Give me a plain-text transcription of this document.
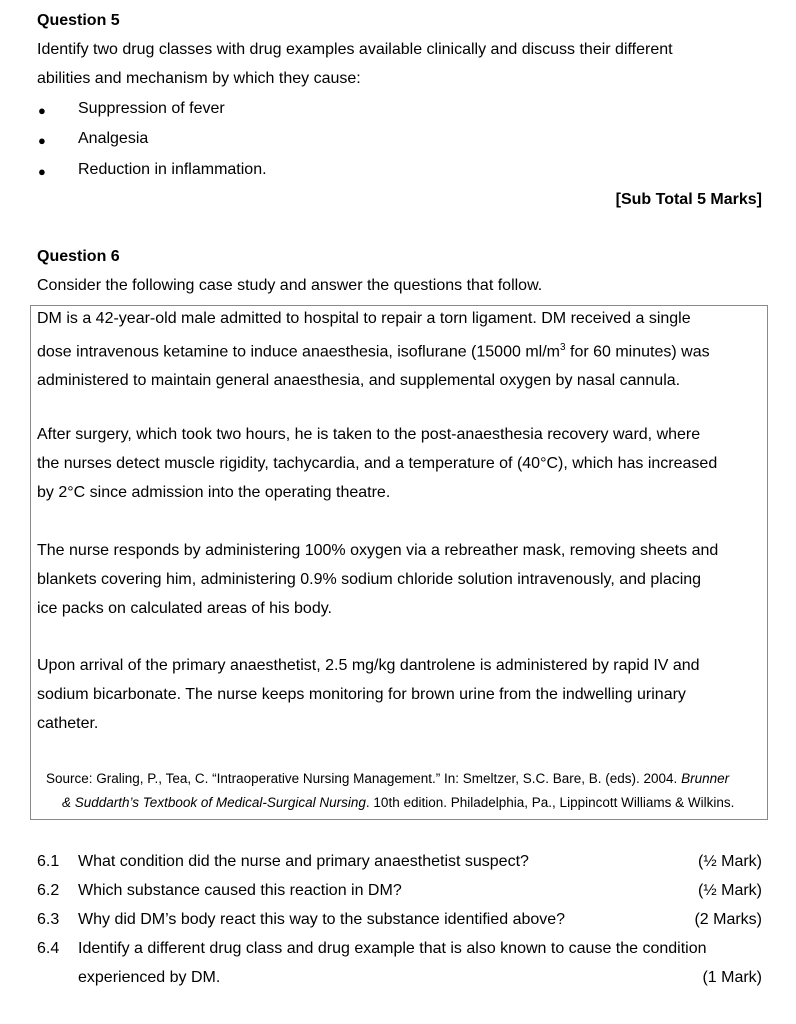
Question 5
Identify two drug classes with drug examples available clinically and discuss their different
abilities and mechanism by which they cause:
● Suppression of fever
● Analgesia
● Reduction in inflammation.
[Sub Total 5 Marks]
Question 6
Consider the following case study and answer the questions that follow.
DM is a 42-year-old male admitted to hospital to repair a torn ligament. DM received a single
dose intravenous ketamine to induce anaesthesia, isoflurane (15000 $ml/m^3$ for 60 minutes) was
administered to maintain general anaesthesia, and supplemental oxygen by nasal cannula.
After surgery, which took two hours, he is taken to the post-anaesthesia recovery ward, where
the nurses detect muscle rigidity, tachycardia, and a temperature of (40°C), which has increased
by 2°C since admission into the operating theatre.
The nurse responds by administering 100% oxygen via a rebreather mask, removing sheets and
blankets covering him, administering 0.9% sodium chloride solution intravenously, and placing
ice packs on calculated areas of his body.
Upon arrival of the primary anaesthetist, 2.5 mg/kg dantrolene is administered by rapid IV and
sodium bicarbonate. The nurse keeps monitoring for brown urine from the indwelling urinary
catheter.
Source: Graling, P., Tea, C. “Intraoperative Nursing Management.” In: Smeltzer, S.C. Bare, B. (eds). 2004. Brunner
& Suddarth’s Textbook of Medical-Surgical Nursing. 10th edition. Philadelphia, Pa., Lippincott Williams & Wilkins.
6.1 What condition did the nurse and primary anaesthetist suspect?	(½ Mark)
6.2 Which substance caused this reaction in DM?	(½ Mark)
6.3 Why did DM’s body react this way to the substance identified above?	(2 Marks)
6.4 Identify a different drug class and drug example that is also known to cause the condition
experienced by DM.	(1 Mark)
